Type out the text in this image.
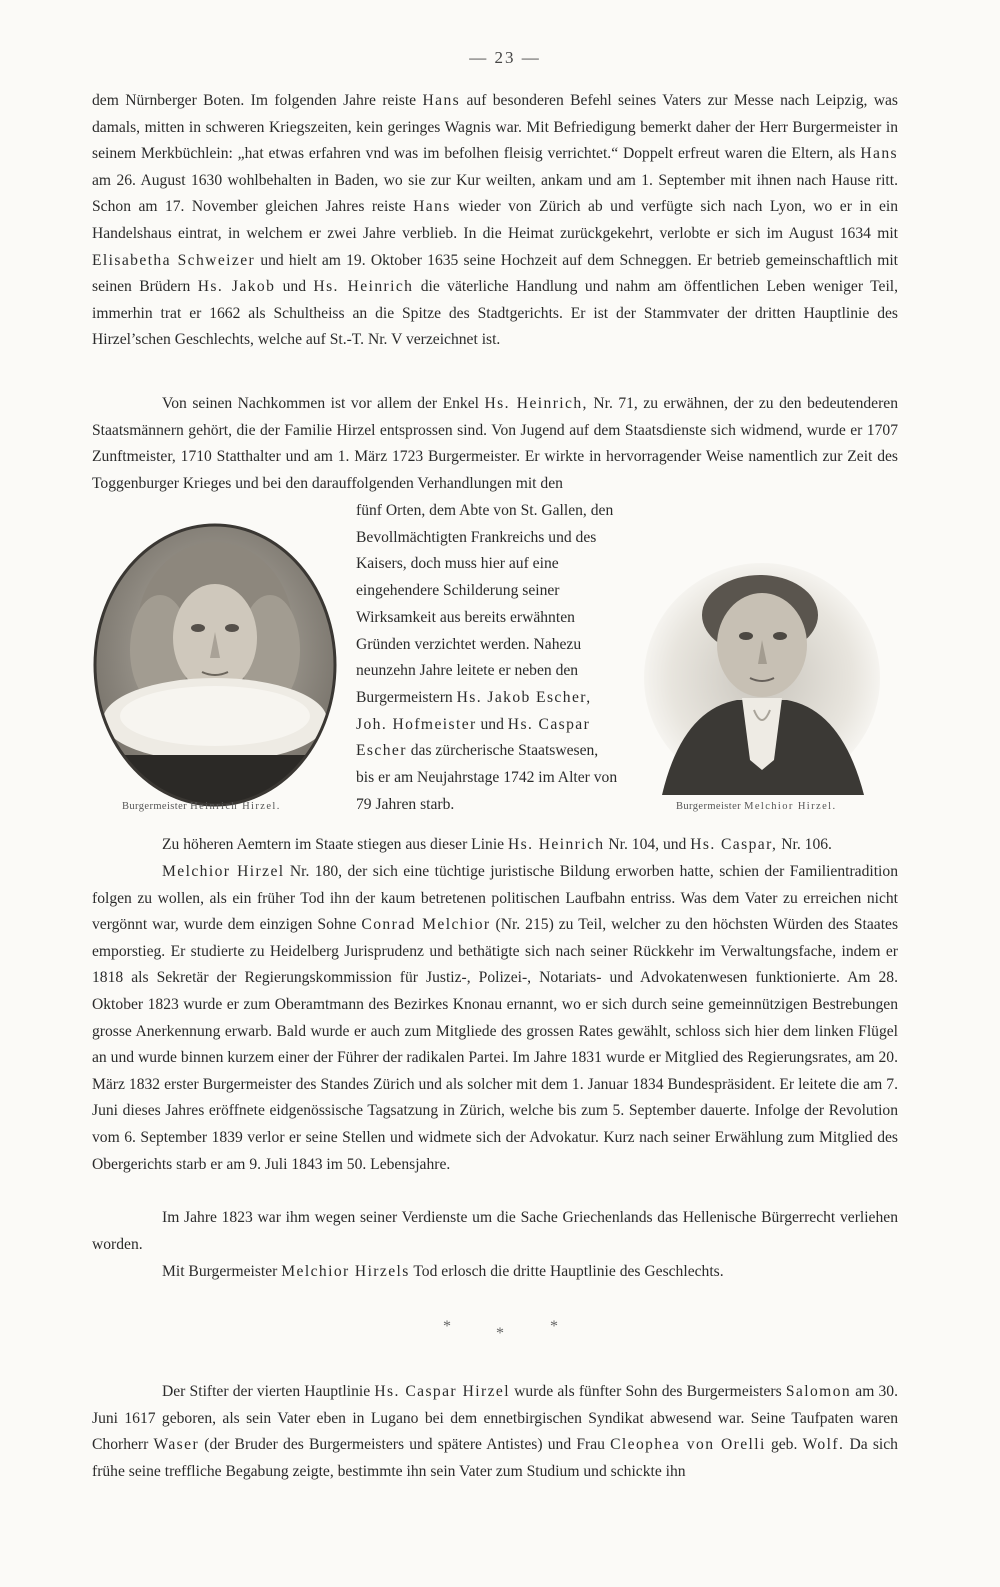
— 23 —

dem Nürnberger Boten. Im folgenden Jahre reiste Hans auf besonderen Befehl seines Vaters zur Messe nach Leipzig, was damals, mitten in schweren Kriegszeiten, kein geringes Wagnis war. Mit Befriedigung bemerkt daher der Herr Burgermeister in seinem Merkbüchlein: „hat etwas erfahren vnd was im befolhen fleisig verrichtet.“ Doppelt erfreut waren die Eltern, als Hans am 26. August 1630 wohlbehalten in Baden, wo sie zur Kur weilten, ankam und am 1. September mit ihnen nach Hause ritt. Schon am 17. November gleichen Jahres reiste Hans wieder von Zürich ab und verfügte sich nach Lyon, wo er in ein Handelshaus eintrat, in welchem er zwei Jahre verblieb. In die Heimat zurückgekehrt, verlobte er sich im August 1634 mit Elisabetha Schweizer und hielt am 19. Oktober 1635 seine Hochzeit auf dem Schneggen. Er betrieb gemeinschaftlich mit seinen Brüdern Hs. Jakob und Hs. Heinrich die väterliche Handlung und nahm am öffentlichen Leben weniger Teil, immerhin trat er 1662 als Schultheiss an die Spitze des Stadtgerichts. Er ist der Stammvater der dritten Hauptlinie des Hirzel’schen Geschlechts, welche auf St.-T. Nr. V verzeichnet ist.

Von seinen Nachkommen ist vor allem der Enkel Hs. Heinrich, Nr. 71, zu erwähnen, der zu den bedeutenderen Staatsmännern gehört, die der Familie Hirzel entsprossen sind. Von Jugend auf dem Staatsdienste sich widmend, wurde er 1707 Zunftmeister, 1710 Statthalter und am 1. März 1723 Burgermeister. Er wirkte in hervorragender Weise namentlich zur Zeit des Toggenburger Krieges und bei den darauffolgenden Verhandlungen mit den

fünf Orten, dem Abte von St. Gallen, den Bevollmächtigten Frankreichs und des Kaisers, doch muss hier auf eine eingehendere Schilderung seiner Wirksamkeit aus bereits erwähnten Gründen verzichtet werden. Nahezu neunzehn Jahre leitete er neben den Burgermeistern Hs. Jakob Escher, Joh. Hofmeister und Hs. Caspar Escher das zürcherische Staatswesen, bis er am Neujahrstage 1742 im Alter von 79 Jahren starb.

Burgermeister Heinrich Hirzel.	Burgermeister Melchior Hirzel.

Zu höheren Aemtern im Staate stiegen aus dieser Linie Hs. Heinrich Nr. 104, und Hs. Caspar, Nr. 106.

Melchior Hirzel Nr. 180, der sich eine tüchtige juristische Bildung erworben hatte, schien der Familientradition folgen zu wollen, als ein früher Tod ihn der kaum betretenen politischen Laufbahn entriss. Was dem Vater zu erreichen nicht vergönnt war, wurde dem einzigen Sohne Conrad Melchior (Nr. 215) zu Teil, welcher zu den höchsten Würden des Staates emporstieg. Er studierte zu Heidelberg Jurisprudenz und bethätigte sich nach seiner Rückkehr im Verwaltungsfache, indem er 1818 als Sekretär der Regierungskommission für Justiz-, Polizei-, Notariats- und Advokatenwesen funktionierte. Am 28. Oktober 1823 wurde er zum Oberamtmann des Bezirkes Knonau ernannt, wo er sich durch seine gemeinnützigen Bestrebungen grosse Anerkennung erwarb. Bald wurde er auch zum Mitgliede des grossen Rates gewählt, schloss sich hier dem linken Flügel an und wurde binnen kurzem einer der Führer der radikalen Partei. Im Jahre 1831 wurde er Mitglied des Regierungsrates, am 20. März 1832 erster Burgermeister des Standes Zürich und als solcher mit dem 1. Januar 1834 Bundespräsident. Er leitete die am 7. Juni dieses Jahres eröffnete eidgenössische Tagsatzung in Zürich, welche bis zum 5. September dauerte. Infolge der Revolution vom 6. September 1839 verlor er seine Stellen und widmete sich der Advokatur. Kurz nach seiner Erwählung zum Mitglied des Obergerichts starb er am 9. Juli 1843 im 50. Lebensjahre.

Im Jahre 1823 war ihm wegen seiner Verdienste um die Sache Griechenlands das Hellenische Bürgerrecht verliehen worden.

Mit Burgermeister Melchior Hirzels Tod erlosch die dritte Hauptlinie des Geschlechts.

*	*	*

Der Stifter der vierten Hauptlinie Hs. Caspar Hirzel wurde als fünfter Sohn des Burgermeisters Salomon am 30. Juni 1617 geboren, als sein Vater eben in Lugano bei dem ennetbirgischen Syndikat abwesend war. Seine Taufpaten waren Chorherr Waser (der Bruder des Burgermeisters und spätere Antistes) und Frau Cleophea von Orelli geb. Wolf. Da sich frühe seine treffliche Begabung zeigte, bestimmte ihn sein Vater zum Studium und schickte ihn
